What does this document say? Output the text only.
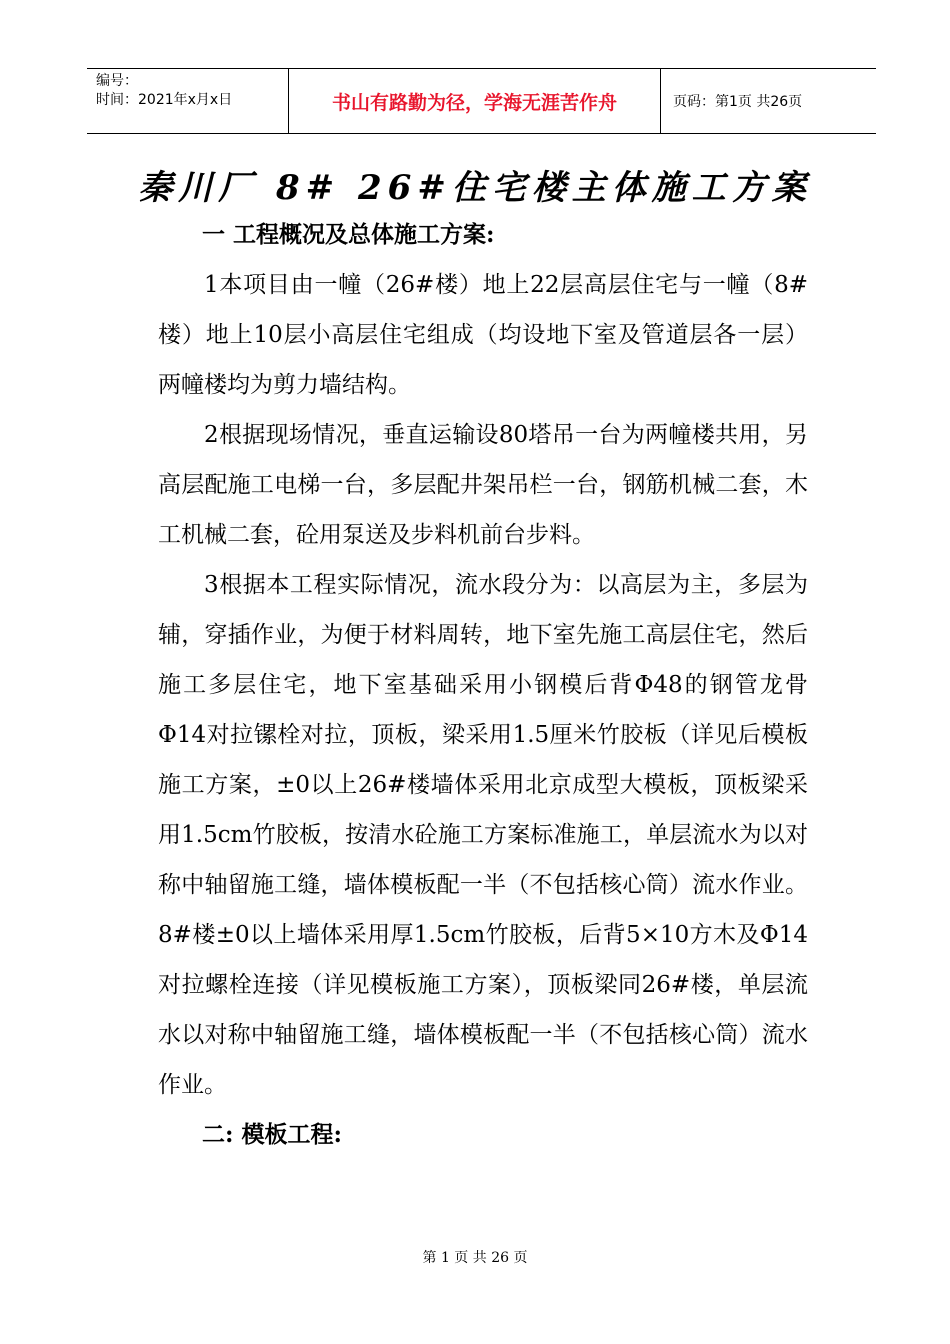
编号：
时间：2021年x月x日	书山有路勤为径，学海无涯苦作舟	页码：第1页 共26页
秦川厂 8# 26#住宅楼主体施工方案

一 工程概况及总体施工方案:

1本项目由一幢（26#楼）地上22层高层住宅与一幢（8#楼）地上10层小高层住宅组成（均设地下室及管道层各一层）两幢楼均为剪力墙结构。

2根据现场情况，垂直运输设80塔吊一台为两幢楼共用，另高层配施工电梯一台，多层配井架吊栏一台，钢筋机械二套，木工机械二套，砼用泵送及步料机前台步料。

3根据本工程实际情况，流水段分为：以高层为主，多层为辅，穿插作业，为便于材料周转，地下室先施工高层住宅，然后施工多层住宅，地下室基础采用小钢模后背Φ48的钢管龙骨 Φ14对拉镙栓对拉，顶板，梁采用1.5厘米竹胶板（详见后模板施工方案，±0以上26#楼墙体采用北京成型大模板，顶板梁采用1.5cm竹胶板，按清水砼施工方案标准施工，单层流水为以对称中轴留施工缝，墙体模板配一半（不包括核心筒）流水作业。8#楼±0以上墙体采用厚1.5cm竹胶板，后背5×10方木及Φ14对拉螺栓连接（详见模板施工方案），顶板梁同26#楼，单层流水以对称中轴留施工缝，墙体模板配一半（不包括核心筒）流水作业。

二: 模板工程:

第 1 页 共 26 页
